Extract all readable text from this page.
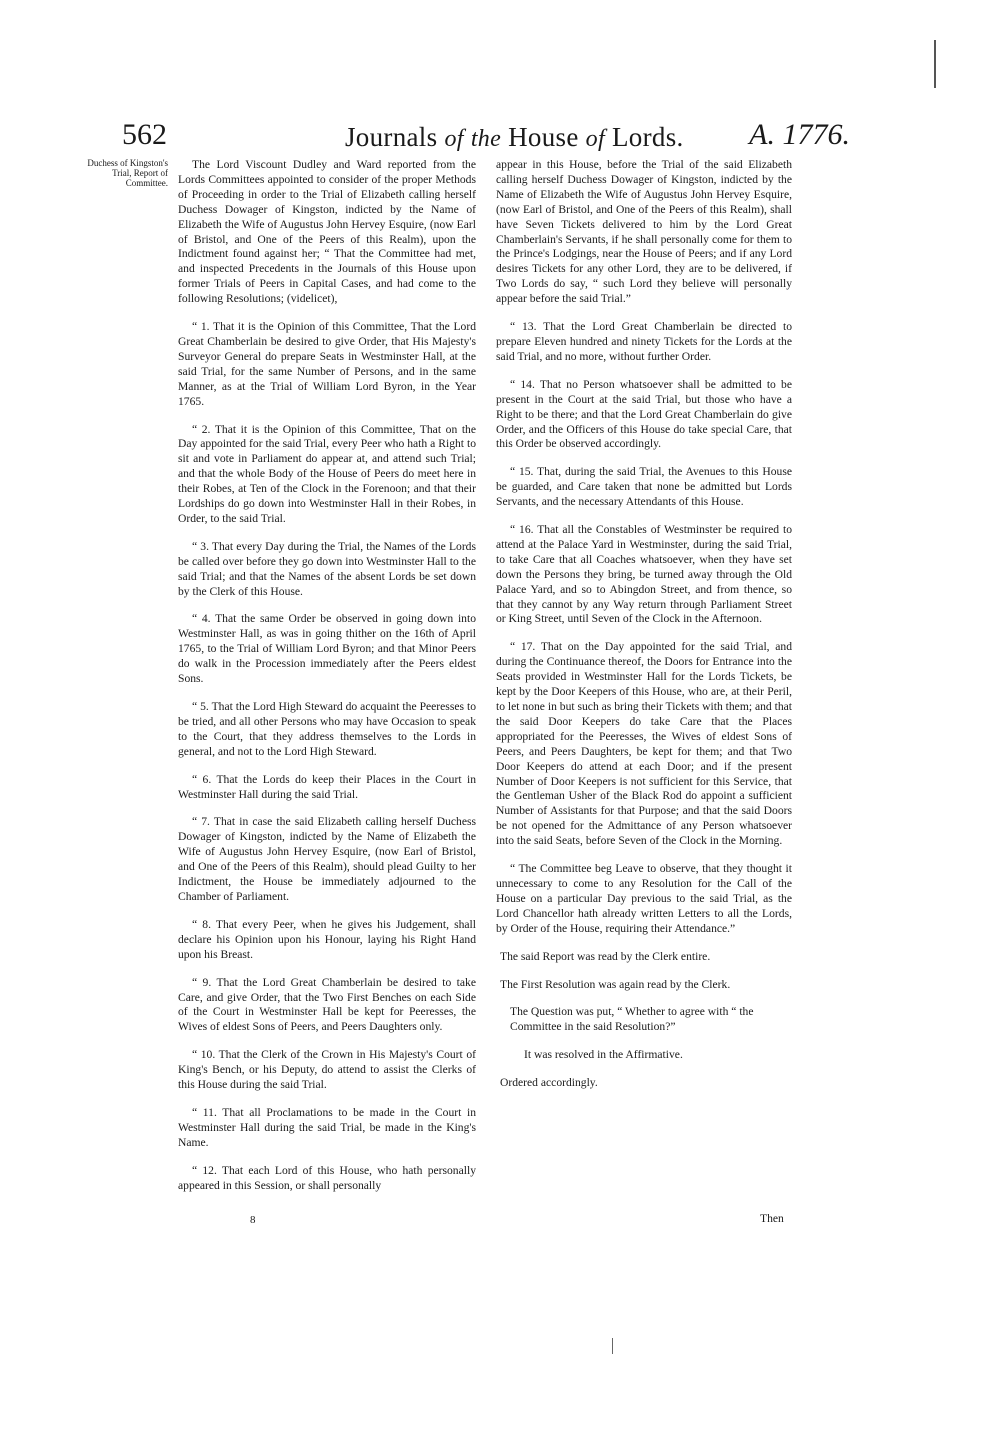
562	Journals of the House of Lords. A. 1776.
Duchess of Kingston's Trial, Report of Committee.

The Lord Viscount Dudley and Ward reported from the Lords Committees appointed to consider of the proper Methods of Proceeding in order to the Trial of Elizabeth calling herself Duchess Dowager of Kingston, indicted by the Name of Elizabeth the Wife of Augustus John Hervey Esquire, (now Earl of Bristol, and One of the Peers of this Realm), upon the Indictment found against her; “ That the Committee had met, and inspected Precedents in the Journals of this House upon former Trials of Peers in Capital Cases, and had come to the following Resolutions; (videlicet),

“ 1. That it is the Opinion of this Committee, That the Lord Great Chamberlain be desired to give Order, that His Majesty's Surveyor General do prepare Seats in Westminster Hall, at the said Trial, for the same Number of Persons, and in the same Manner, as at the Trial of William Lord Byron, in the Year 1765.

“ 2. That it is the Opinion of this Committee, That on the Day appointed for the said Trial, every Peer who hath a Right to sit and vote in Parliament do appear at, and attend such Trial; and that the whole Body of the House of Peers do meet here in their Robes, at Ten of the Clock in the Forenoon; and that their Lordships do go down into Westminster Hall in their Robes, in Order, to the said Trial.

“ 3. That every Day during the Trial, the Names of the Lords be called over before they go down into Westminster Hall to the said Trial; and that the Names of the absent Lords be set down by the Clerk of this House.

“ 4. That the same Order be observed in going down into Westminster Hall, as was in going thither on the 16th of April 1765, to the Trial of William Lord Byron; and that Minor Peers do walk in the Procession immediately after the Peers eldest Sons.

“ 5. That the Lord High Steward do acquaint the Peeresses to be tried, and all other Persons who may have Occasion to speak to the Court, that they address themselves to the Lords in general, and not to the Lord High Steward.

“ 6. That the Lords do keep their Places in the Court in Westminster Hall during the said Trial.

“ 7. That in case the said Elizabeth calling herself Duchess Dowager of Kingston, indicted by the Name of Elizabeth the Wife of Augustus John Hervey Esquire, (now Earl of Bristol, and One of the Peers of this Realm), should plead Guilty to her Indictment, the House be immediately adjourned to the Chamber of Parliament.

“ 8. That every Peer, when he gives his Judgement, shall declare his Opinion upon his Honour, laying his Right Hand upon his Breast.

“ 9. That the Lord Great Chamberlain be desired to take Care, and give Order, that the Two First Benches on each Side of the Court in Westminster Hall be kept for Peeresses, the Wives of eldest Sons of Peers, and Peers Daughters only.

“ 10. That the Clerk of the Crown in His Majesty's Court of King's Bench, or his Deputy, do attend to assist the Clerks of this House during the said Trial.

“ 11. That all Proclamations to be made in the Court in Westminster Hall during the said Trial, be made in the King's Name.

“ 12. That each Lord of this House, who hath personally appeared in this Session, or shall personally

appear in this House, before the Trial of the said Elizabeth calling herself Duchess Dowager of Kingston, indicted by the Name of Elizabeth the Wife of Augustus John Hervey Esquire, (now Earl of Bristol, and One of the Peers of this Realm), shall have Seven Tickets delivered to him by the Lord Great Chamberlain's Servants, if he shall personally come for them to the Prince's Lodgings, near the House of Peers; and if any Lord desires Tickets for any other Lord, they are to be delivered, if Two Lords do say, “ such Lord they believe will personally appear before the said Trial.”

“ 13. That the Lord Great Chamberlain be directed to prepare Eleven hundred and ninety Tickets for the Lords at the said Trial, and no more, without further Order.

“ 14. That no Person whatsoever shall be admitted to be present in the Court at the said Trial, but those who have a Right to be there; and that the Lord Great Chamberlain do give Order, and the Officers of this House do take special Care, that this Order be observed accordingly.

“ 15. That, during the said Trial, the Avenues to this House be guarded, and Care taken that none be admitted but Lords Servants, and the necessary Attendants of this House.

“ 16. That all the Constables of Westminster be required to attend at the Palace Yard in Westminster, during the said Trial, to take Care that all Coaches whatsoever, when they have set down the Persons they bring, be turned away through the Old Palace Yard, and so to Abingdon Street, and from thence, so that they cannot by any Way return through Parliament Street or King Street, until Seven of the Clock in the Afternoon.

“ 17. That on the Day appointed for the said Trial, and during the Continuance thereof, the Doors for Entrance into the Seats provided in Westminster Hall for the Lords Tickets, be kept by the Door Keepers of this House, who are, at their Peril, to let none in but such as bring their Tickets with them; and that the said Door Keepers do take Care that the Places appropriated for the Peeresses, the Wives of eldest Sons of Peers, and Peers Daughters, be kept for them; and that Two Door Keepers do attend at each Door; and if the present Number of Door Keepers is not sufficient for this Service, that the Gentleman Usher of the Black Rod do appoint a sufficient Number of Assistants for that Purpose; and that the said Doors be not opened for the Admittance of any Person whatsoever into the said Seats, before Seven of the Clock in the Morning.

“ The Committee beg Leave to observe, that they thought it unnecessary to come to any Resolution for the Call of the House on a particular Day previous to the said Trial, as the Lord Chancellor hath already written Letters to all the Lords, by Order of the House, requiring their Attendance.”

The said Report was read by the Clerk entire.

The First Resolution was again read by the Clerk.

The Question was put, “ Whether to agree with “ the Committee in the said Resolution?”

It was resolved in the Affirmative.

Ordered accordingly.

8	Then
